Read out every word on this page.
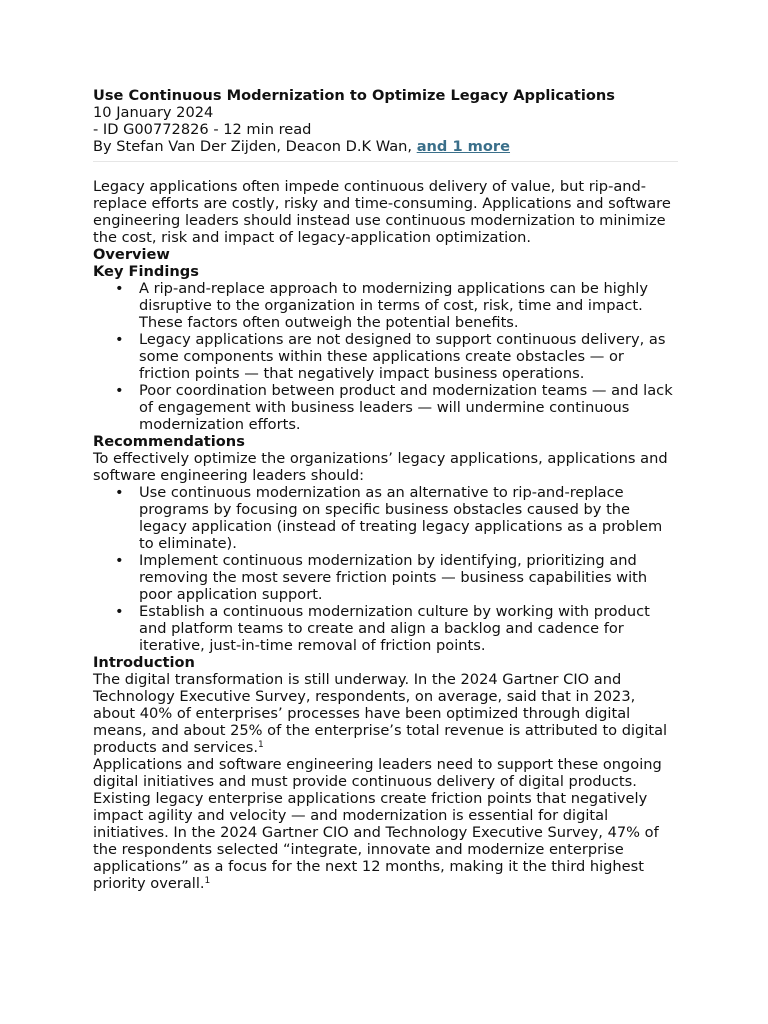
Use Continuous Modernization to Optimize Legacy Applications
10 January 2024
- ID G00772826 - 12 min read
By Stefan Van Der Zijden, Deacon D.K Wan, and 1 more

Legacy applications often impede continuous delivery of value, but rip-and-replace efforts are costly, risky and time-consuming. Applications and software engineering leaders should instead use continuous modernization to minimize the cost, risk and impact of legacy-application optimization.

Overview
Key Findings
• A rip-and-replace approach to modernizing applications can be highly disruptive to the organization in terms of cost, risk, time and impact. These factors often outweigh the potential benefits.
• Legacy applications are not designed to support continuous delivery, as some components within these applications create obstacles — or friction points — that negatively impact business operations.
• Poor coordination between product and modernization teams — and lack of engagement with business leaders — will undermine continuous modernization efforts.
Recommendations

To effectively optimize the organizations’ legacy applications, applications and software engineering leaders should:

• Use continuous modernization as an alternative to rip-and-replace programs by focusing on specific business obstacles caused by the legacy application (instead of treating legacy applications as a problem to eliminate).
• Implement continuous modernization by identifying, prioritizing and removing the most severe friction points — business capabilities with poor application support.
• Establish a continuous modernization culture by working with product and platform teams to create and align a backlog and cadence for iterative, just-in-time removal of friction points.
Introduction

The digital transformation is still underway. In the 2024 Gartner CIO and Technology Executive Survey, respondents, on average, said that in 2023, about 40% of enterprises’ processes have been optimized through digital means, and about 25% of the enterprise’s total revenue is attributed to digital products and services.$^1$

Applications and software engineering leaders need to support these ongoing digital initiatives and must provide continuous delivery of digital products. Existing legacy enterprise applications create friction points that negatively impact agility and velocity — and modernization is essential for digital initiatives. In the 2024 Gartner CIO and Technology Executive Survey, 47% of the respondents selected “integrate, innovate and modernize enterprise applications” as a focus for the next 12 months, making it the third highest priority overall.$^1$
